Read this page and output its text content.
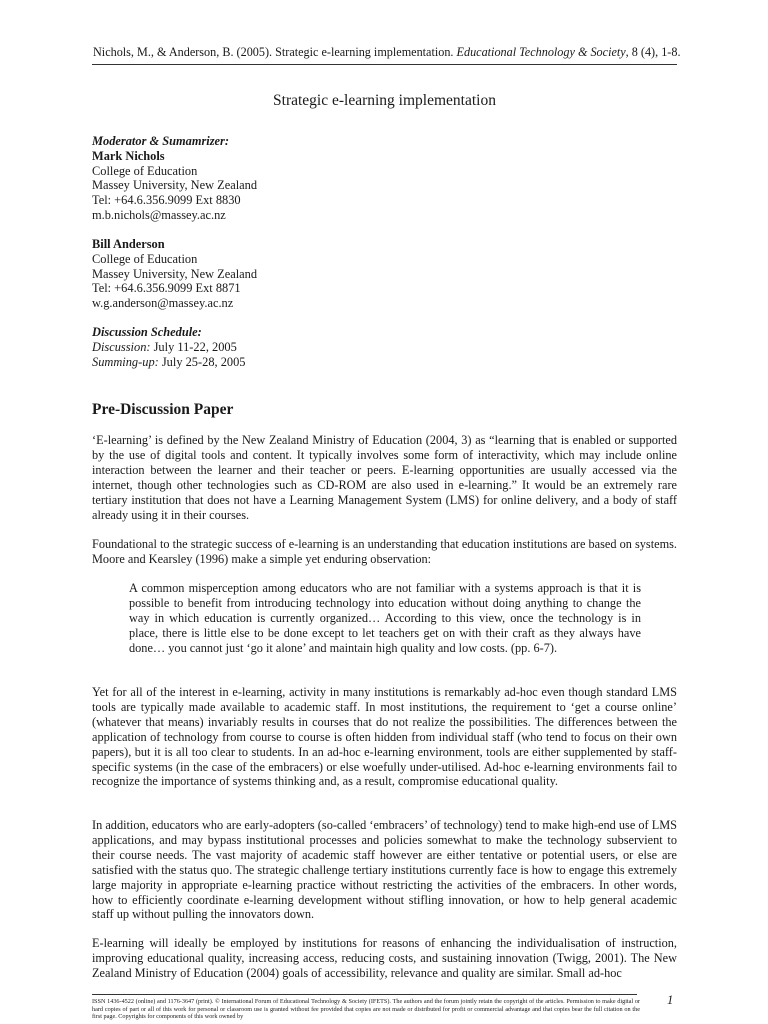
Nichols, M., & Anderson, B. (2005). Strategic e-learning implementation. Educational Technology & Society, 8 (4), 1-8.
Strategic e-learning implementation
Moderator & Sumamrizer:
Mark Nichols
College of Education
Massey University, New Zealand
Tel: +64.6.356.9099 Ext 8830
m.b.nichols@massey.ac.nz
Bill Anderson
College of Education
Massey University, New Zealand
Tel: +64.6.356.9099 Ext 8871
w.g.anderson@massey.ac.nz
Discussion Schedule:
Discussion: July 11-22, 2005
Summing-up: July 25-28, 2005
Pre-Discussion Paper

‘E-learning’ is defined by the New Zealand Ministry of Education (2004, 3) as “learning that is enabled or supported by the use of digital tools and content. It typically involves some form of interactivity, which may include online interaction between the learner and their teacher or peers. E-learning opportunities are usually accessed via the internet, though other technologies such as CD-ROM are also used in e-learning.” It would be an extremely rare tertiary institution that does not have a Learning Management System (LMS) for online delivery, and a body of staff already using it in their courses.

Foundational to the strategic success of e-learning is an understanding that education institutions are based on systems. Moore and Kearsley (1996) make a simple yet enduring observation:

A common misperception among educators who are not familiar with a systems approach is that it is possible to benefit from introducing technology into education without doing anything to change the way in which education is currently organized… According to this view, once the technology is in place, there is little else to be done except to let teachers get on with their craft as they always have done… you cannot just ‘go it alone’ and maintain high quality and low costs. (pp. 6-7).

Yet for all of the interest in e-learning, activity in many institutions is remarkably ad-hoc even though standard LMS tools are typically made available to academic staff. In most institutions, the requirement to ‘get a course online’ (whatever that means) invariably results in courses that do not realize the possibilities. The differences between the application of technology from course to course is often hidden from individual staff (who tend to focus on their own papers), but it is all too clear to students. In an ad-hoc e-learning environment, tools are either supplemented by staff-specific systems (in the case of the embracers) or else woefully under-utilised. Ad-hoc e-learning environments fail to recognize the importance of systems thinking and, as a result, compromise educational quality.

In addition, educators who are early-adopters (so-called ‘embracers’ of technology) tend to make high-end use of LMS applications, and may bypass institutional processes and policies somewhat to make the technology subservient to their course needs. The vast majority of academic staff however are either tentative or potential users, or else are satisfied with the status quo. The strategic challenge tertiary institutions currently face is how to engage this extremely large majority in appropriate e-learning practice without restricting the activities of the embracers. In other words, how to efficiently coordinate e-learning development without stifling innovation, or how to help general academic staff up without pulling the innovators down.

E-learning will ideally be employed by institutions for reasons of enhancing the individualisation of instruction, improving educational quality, increasing access, reducing costs, and sustaining innovation (Twigg, 2001). The New Zealand Ministry of Education (2004) goals of accessibility, relevance and quality are similar. Small ad-hoc

ISSN 1436-4522 (online) and 1176-3647 (print). © International Forum of Educational Technology & Society (IFETS). The authors and the forum jointly retain the copyright of the articles. Permission to make digital or hard copies of part or all of this work for personal or classroom use is granted without fee provided that copies are not made or distributed for profit or commercial advantage and that copies bear the full citation on the first page. Copyrights for components of this work owned by
1
